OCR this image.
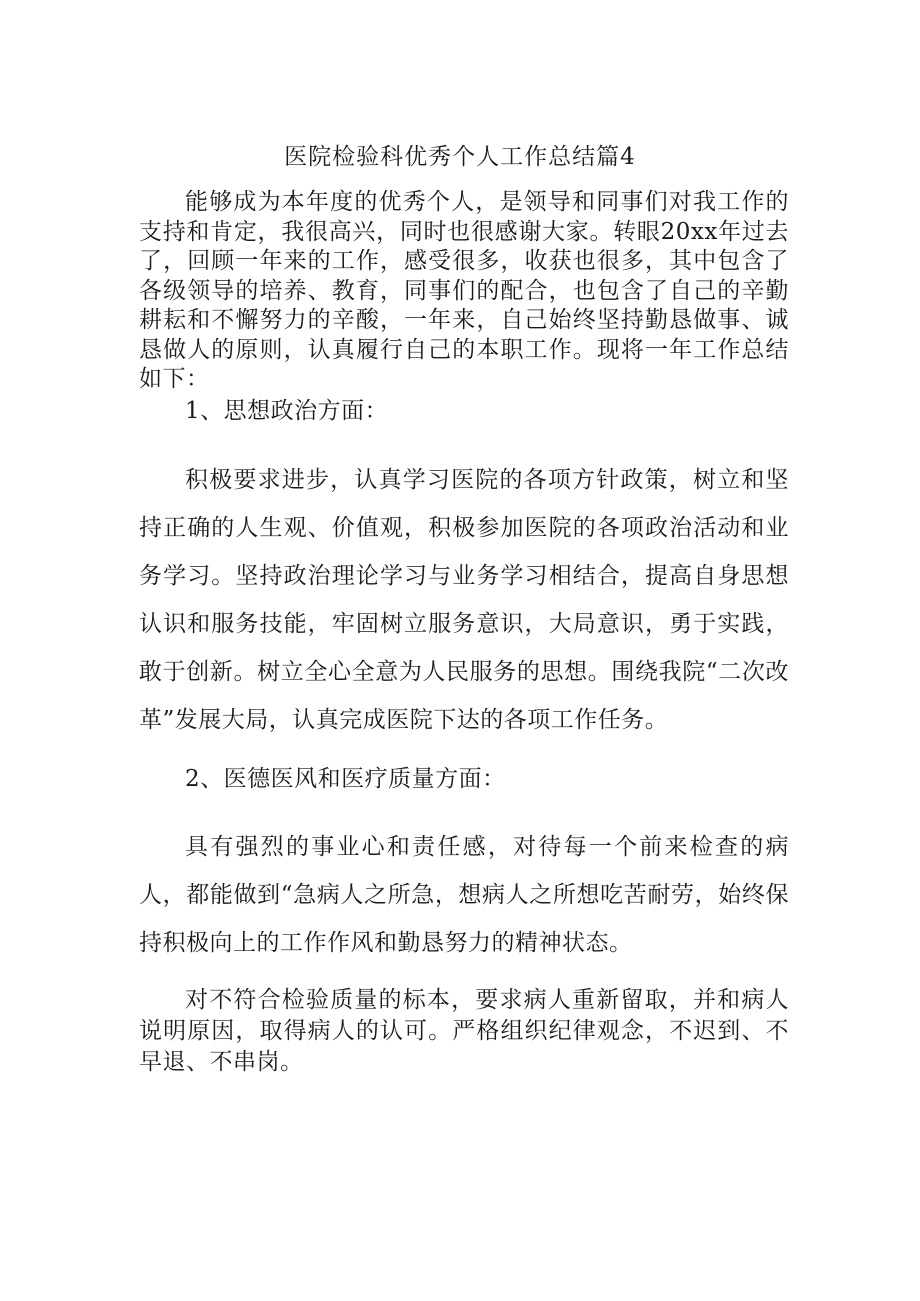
医院检验科优秀个人工作总结篇4

能够成为本年度的优秀个人，是领导和同事们对我工作的支持和肯定，我很高兴，同时也很感谢大家。转眼20xx年过去了，回顾一年来的工作，感受很多，收获也很多，其中包含了各级领导的培养、教育，同事们的配合，也包含了自己的辛勤耕耘和不懈努力的辛酸，一年来，自己始终坚持勤恳做事、诚恳做人的原则，认真履行自己的本职工作。现将一年工作总结如下：

1、思想政治方面：

积极要求进步，认真学习医院的各项方针政策，树立和坚持正确的人生观、价值观，积极参加医院的各项政治活动和业务学习。坚持政治理论学习与业务学习相结合，提高自身思想认识和服务技能，牢固树立服务意识，大局意识，勇于实践，敢于创新。树立全心全意为人民服务的思想。围绕我院“二次改革”发展大局，认真完成医院下达的各项工作任务。

2、医德医风和医疗质量方面：

具有强烈的事业心和责任感，对待每一个前来检查的病人，都能做到“急病人之所急，想病人之所想吃苦耐劳，始终保持积极向上的工作作风和勤恳努力的精神状态。

对不符合检验质量的标本，要求病人重新留取，并和病人说明原因，取得病人的认可。严格组织纪律观念，不迟到、不早退、不串岗。
